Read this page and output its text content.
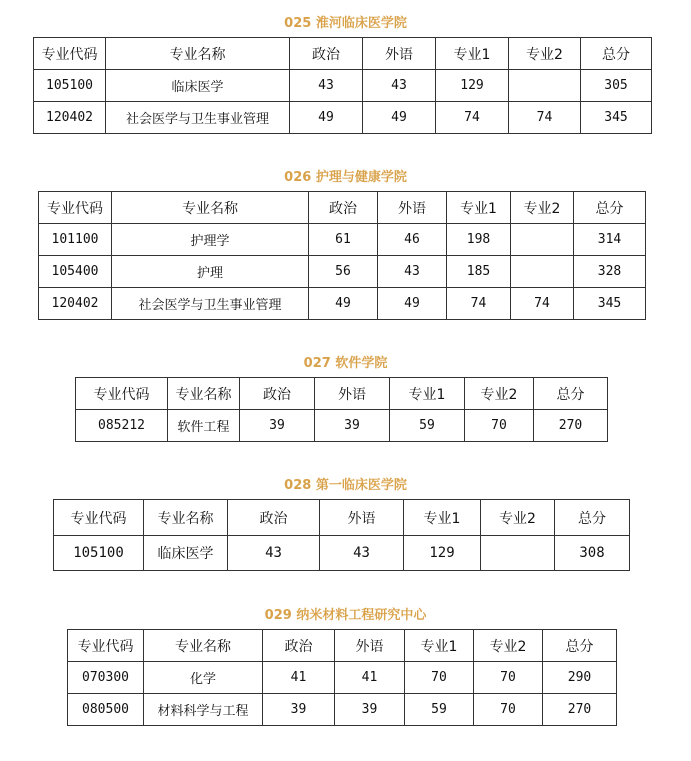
025 淮河临床医学院
专业代码	专业名称	政治	外语	专业1	专业2	总分
105100	临床医学	43	43	129		305
120402	社会医学与卫生事业管理	49	49	74	74	345
026 护理与健康学院
专业代码	专业名称	政治	外语	专业1	专业2	总分
101100	护理学	61	46	198		314
105400	护理	56	43	185		328
120402	社会医学与卫生事业管理	49	49	74	74	345
027 软件学院
专业代码	专业名称	政治	外语	专业1	专业2	总分
085212	软件工程	39	39	59	70	270
028 第一临床医学院
专业代码	专业名称	政治	外语	专业1	专业2	总分
105100	临床医学	43	43	129		308
029 纳米材料工程研究中心
专业代码	专业名称	政治	外语	专业1	专业2	总分
070300	化学	41	41	70	70	290
080500	材料科学与工程	39	39	59	70	270
